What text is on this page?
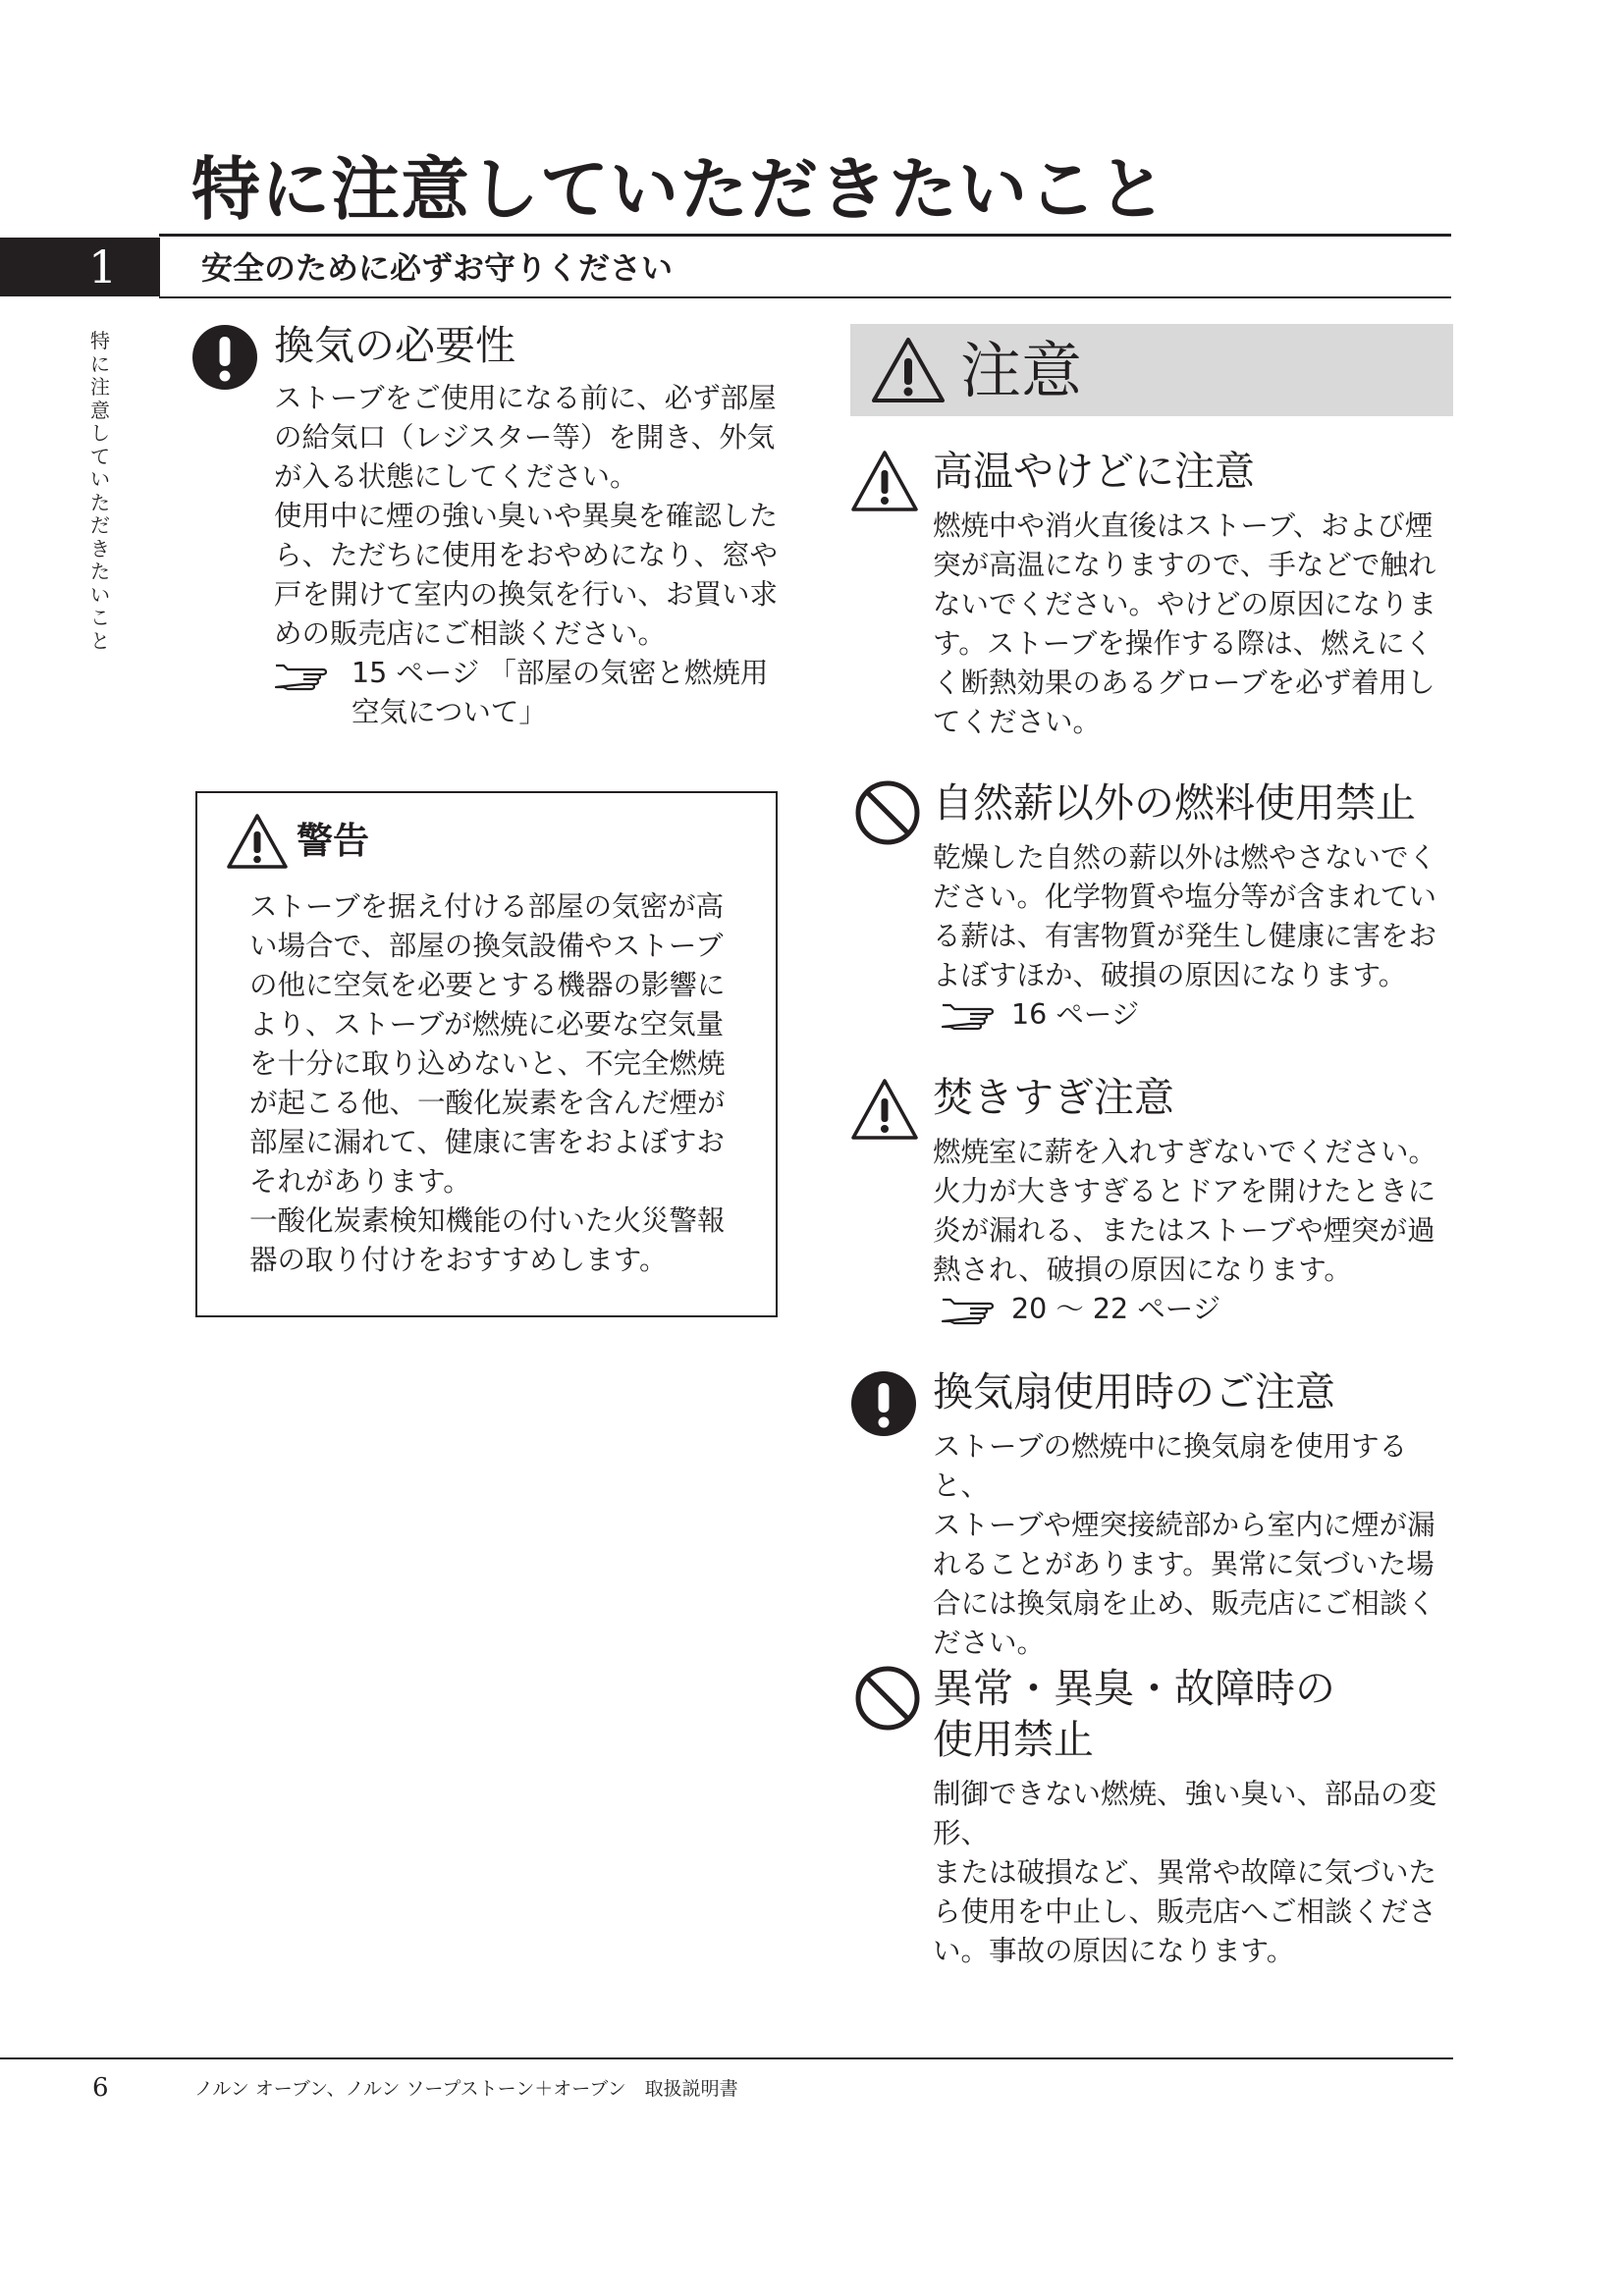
特に注意していただきたいこと
1	安全のために必ずお守りください
特
に
注
意
し
て
い
た
だ
き
た
い
こ
と
換気の必要性
ストーブをご使用になる前に、必ず部屋
の給気口（レジスター等）を開き、外気
が入る状態にしてください。
使用中に煙の強い臭いや異臭を確認した
ら、ただちに使用をおやめになり、窓や
戸を開けて室内の換気を行い、お買い求
めの販売店にご相談ください。
15 ページ 「部屋の気密と燃焼用
空気について」
警告
ストーブを据え付ける部屋の気密が高
い場合で、部屋の換気設備やストーブ
の他に空気を必要とする機器の影響に
より、ストーブが燃焼に必要な空気量
を十分に取り込めないと、不完全燃焼
が起こる他、一酸化炭素を含んだ煙が
部屋に漏れて、健康に害をおよぼすお
それがあります。
一酸化炭素検知機能の付いた火災警報
器の取り付けをおすすめします。
注意
高温やけどに注意
燃焼中や消火直後はストーブ、および煙
突が高温になりますので、手などで触れ
ないでください。やけどの原因になりま
す。ストーブを操作する際は、燃えにく
く断熱効果のあるグローブを必ず着用し
てください。
自然薪以外の燃料使用禁止
乾燥した自然の薪以外は燃やさないでく
ださい。化学物質や塩分等が含まれてい
る薪は、有害物質が発生し健康に害をお
よぼすほか、破損の原因になります。
16 ページ
焚きすぎ注意
燃焼室に薪を入れすぎないでください。
火力が大きすぎるとドアを開けたときに
炎が漏れる、またはストーブや煙突が過
熱され、破損の原因になります。
20 ～ 22 ページ
換気扇使用時のご注意
ストーブの燃焼中に換気扇を使用すると、
ストーブや煙突接続部から室内に煙が漏
れることがあります。異常に気づいた場
合には換気扇を止め、販売店にご相談く
ださい。
異常・異臭・故障時の
使用禁止
制御できない燃焼、強い臭い、部品の変形、
または破損など、異常や故障に気づいた
ら使用を中止し、販売店へご相談くださ
い。事故の原因になります。
6	ノルン オーブン、ノルン ソープストーン＋オーブン　取扱説明書
